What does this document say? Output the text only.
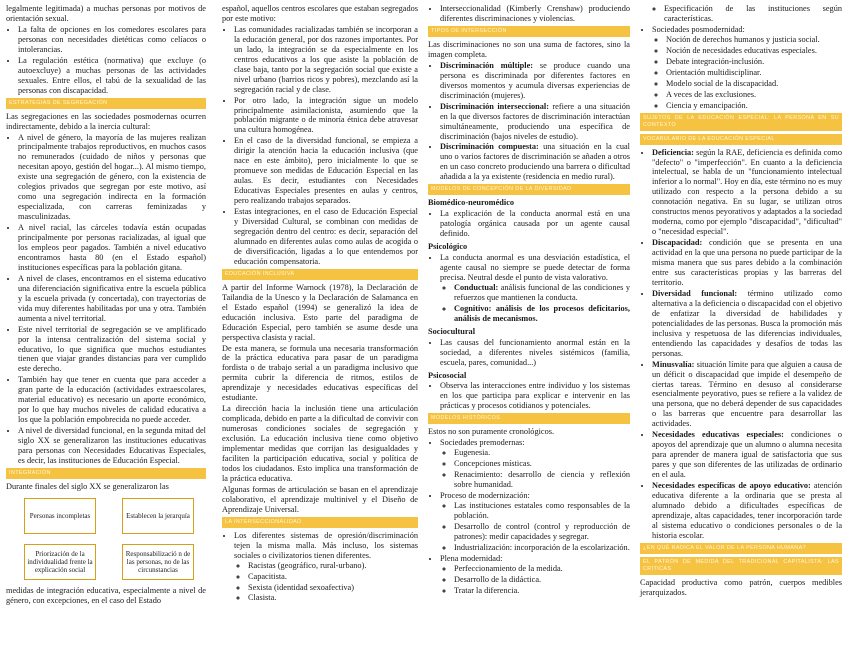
legalmente legitimada) a muchas personas por motivos de orientación sexual.

• La falta de opciones en los comedores escolares para personas con necesidades dietéticas como celíacos o intolerancias.
• La regulación estética (normativa) que excluye (o autoexcluye) a muchas personas de las actividades sexuales. Entre ellos, el tabú de la sexualidad de las personas con discapacidad.
ESTRATEGIAS DE SEGREGACIÓN

Las segregaciones en las sociedades posmodernas ocurren indirectamente, debido a la inercia cultural:

• A nivel de género, la mayoría de las mujeres realizan principalmente trabajos reproductivos, en muchos casos no remunerados (cuidado de niños y personas que necesitan apoyo, gestión del hogar...). Al mismo tiempo, existe una segregación de género, con la existencia de colegios privados que segregan por este motivo, así como una segregación indirecta en la formación especializada, con carreras feminizadas y masculinizadas.
• A nivel racial, las cárceles todavía están ocupadas principalmente por personas racializadas, al igual que los empleos peor pagados. También a nivel educativo encontramos hasta 80 (en el Estado español) instituciones específicas para la población gitana.
• A nivel de clases, encontramos en el sistema educativo una diferenciación significativa entre la escuela pública y la escuela privada (y concertada), con trayectorias de vida muy diferentes habilitadas por una y otra. También aumenta a nivel territorial.
• Este nivel territorial de segregación se ve amplificado por la intensa centralización del sistema social y educativo, lo que significa que muchos estudiantes tienen que viajar grandes distancias para ver cumplido este derecho.
• También hay que tener en cuenta que para acceder a gran parte de la educación (actividades extraescolares, material educativo) es necesario un aporte económico, por lo que hay muchos niveles de calidad educativa a los que la población empobrecida no puede acceder.
• A nivel de diversidad funcional, en la segunda mitad del siglo XX se generalizaron las instituciones educativas para personas con Necesidades Educativas Especiales, es decir, las instituciones de Educación Especial.
INTEGRACIÓN

Durante finales del siglo XX se generalizaron las

Personas incompletas	Establecen la jerarquía
Priorización de la individualidad frente la explicación social
Responsabilizació n de las personas, no de las circunstancias

medidas de integración educativa, especialmente a nivel de género, con excepciones, en el caso del Estado

español, aquellos centros escolares que estaban segregados por este motivo:

• Las comunidades racializadas también se incorporan a la educación general, por dos razones importantes. Por un lado, la integración se da especialmente en los centros educativos a los que asiste la población de clase baja, tanto por la segregación social que existe a nivel urbano (barrios ricos y pobres), mezclando así la segregación racial y de clase.
• Por otro lado, la integración sigue un modelo principalmente asimilacionista, asumiendo que la población migrante o de minoría étnica debe atravesar una cultura homogénea.
• En el caso de la diversidad funcional, se empieza a dirigir la atención hacia la educación inclusiva (que nace en este ámbito), pero inicialmente lo que se promueve son medidas de Educación Especial en las aulas. Es decir, estudiantes con Necesidades Educativas Especiales presentes en aulas y centros, pero realizando trabajos separados.
• Estas integraciones, en el caso de Educación Especial y Diversidad Cultural, se combinan con medidas de segregación dentro del centro: es decir, separación del alumnado en diferentes aulas como aulas de acogida o de diversificación, ligadas a lo que entendemos por educación compensatoria.
EDUCACIÓN INCLUSIVA

A partir del Informe Warnock (1978), la Declaración de Tailandia de la Unesco y la Declaración de Salamanca en el Estado español (1994) se generalizó la idea de educación inclusiva. Esto parte del paradigma de Educación Especial, pero también se asume desde una perspectiva clasista y racial.

De esta manera, se formula una necesaria transformación de la práctica educativa para pasar de un paradigma fordista o de trabajo serial a un paradigma inclusivo que permita cubrir la diferencia de ritmos, estilos de aprendizaje y necesidades educativas específicas del estudiante.

La dirección hacia la inclusión tiene una articulación complicada, debido en parte a la dificultad de convivir con numerosas condiciones sociales de segregación y exclusión. La educación inclusiva tiene como objetivo implementar medidas que corrijan las desigualdades y faciliten la participación educativa, social y política de todos los ciudadanos. Esto implica una transformación de la práctica educativa.

Algunas formas de articulación se basan en el aprendizaje colaborativo, el aprendizaje multinivel y el Diseño de Aprendizaje Universal.

LA INTERSECCIONALIDAD
• Los diferentes sistemas de opresión/discriminación tejen la misma malla. Más incluso, los sistemas sociales o civilizatorios tienen diferentes.
◦ Racistas (geográfico, rural-urbano).
◦ Capacitista.
◦ Sexista (identidad sexoafectiva)
◦ Clasista.
• Interseccionalidad (Kimberly Crenshaw) produciendo diferentes discriminaciones y violencias.
TIPOS DE INTERSECCIÓN

Las discriminaciones no son una suma de factores, sino la imagen completa.

• Discriminación múltiple: se produce cuando una persona es discriminada por diferentes factores en diversos momentos y acumula diversas experiencias de discriminación (mujeres).
• Discriminación interseccional: refiere a una situación en la que diversos factores de discriminación interactúan simultáneamente, produciendo una específica de discriminación (bajos niveles de estudio).
• Discriminación compuesta: una situación en la cual uno o varios factores de discriminación se añaden a otros en un caso concreto produciendo una barrera o dificultad añadida a la ya existente (residencia en medio rural).
MODELOS DE CONCEPCIÓN DE LA DIVERSIDAD
Biomédico-neuromédico
• La explicación de la conducta anormal está en una patología orgánica causada por un agente causal definido.
Psicológico
• La conducta anormal es una desviación estadística, el agente causal no siempre se puede detectar de forma precisa. Neutral desde el punto de vista valorativo.
◦ Conductual: análisis funcional de las condiciones y refuerzos que mantienen la conducta.
◦ Cognitivo: análisis de los procesos deficitarios, análisis de mecanismos.
Sociocultural
• Las causas del funcionamiento anormal están en la sociedad, a diferentes niveles sistémicos (familia, escuela, pares, comunidad...)
Psicosocial
• Observa las interacciones entre individuo y los sistemas en los que participa para explicar e intervenir en las prácticas y procesos cotidianos y potenciales.
MODELOS HISTÓRICOS

Estos no son puramente cronológicos.

• Sociedades premodernas:
◦ Eugenesia.
◦ Concepciones místicas.
◦ Renacimiento: desarrollo de ciencia y reflexión sobre humanidad.
• Proceso de modernización:
◦ Las instituciones estatales como responsables de la población.
◦ Desarrollo de control (control y reproducción de patrones): medir capacidades y segregar.
◦ Industrialización: incorporación de la escolarización.
• Plena modernidad:
◦ Perfeccionamiento de la medida.
◦ Desarrollo de la didáctica.
◦ Tratar la diferencia.
◦ Especificación de las instituciones según características.
• Sociedades posmodernidad:
◦ Noción de derechos humanos y justicia social.
◦ Noción de necesidades educativas especiales.
◦ Debate integración-inclusión.
◦ Orientación multidisciplinar.
◦ Modelo social de la discapacidad.
◦ A veces de las exclusiones.
◦ Ciencia y emancipación.
SUJETOS DE LA EDUCACIÓN ESPECIAL: LA PERSONA EN SU CONTEXTO
VOCABULARIO DE LA EDUCACIÓN ESPECIAL
• Deficiencia: según la RAE, deficiencia es definida como "defecto" o "imperfección". En cuanto a la deficiencia intelectual, se habla de un "funcionamiento intelectual inferior a lo normal". Hoy en día, este término no es muy utilizado con respecto a la persona debido a su connotación negativa. En su lugar, se utilizan otros constructos menos peyorativos y adaptados a la sociedad moderna, como por ejemplo "discapacidad", "dificultad" o "necesidad especial".
• Discapacidad: condición que se presenta en una actividad en la que una persona no puede participar de la misma manera que sus pares debido a la combinación entre sus características propias y las barreras del territorio.
• Diversidad funcional: término utilizado como alternativa a la deficiencia o discapacidad con el objetivo de enfatizar la diversidad de habilidades y potencialidades de las personas. Busca la promoción más inclusiva y respetuosa de las diferencias individuales, entendiendo las capacidades y desafíos de todas las personas.
• Minusvalía: situación límite para que alguien a causa de un déficit o discapacidad que impide el desempeño de ciertas tareas. Término en desuso al considerarse esencialmente peyorativo, pues se refiere a la validez de una persona, que no deberá depender de sus capacidades o las barreras que encuentre para desarrollar las actividades.
• Necesidades educativas especiales: condiciones o apoyos del aprendizaje que un alumno o alumna necesita para aprender de manera igual de satisfactoria que sus pares y que son diferentes de las utilizadas de ordinario en el aula.
• Necesidades específicas de apoyo educativo: atención educativa diferente a la ordinaria que se presta al alumnado debido a dificultades específicas de aprendizaje, altas capacidades, tener incorporación tarde al sistema educativo o condiciones personales o de la historia escolar.
¿EN QUÉ RADICA EL VALOR DE LA PERSONA HUMANA?
EL PATRÓN DE MEDIDA DEL TRADICIONAL CAPITALISTA: LAS CRÍTICAS

Capacidad productiva como patrón, cuerpos medibles jerarquizados.
